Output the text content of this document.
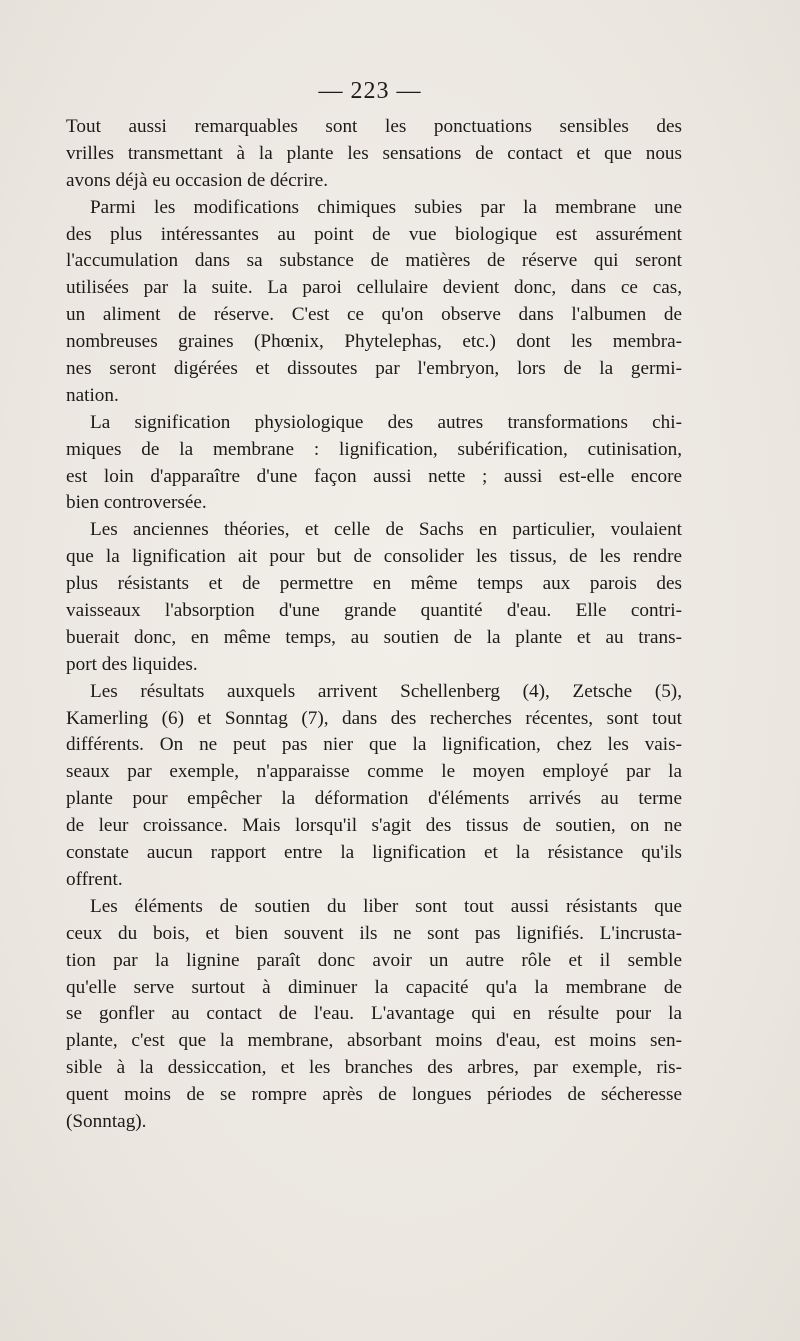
— 223 —
Tout aussi remarquables sont les ponctuations sensibles des
vrilles transmettant à la plante les sensations de contact et que nous
avons déjà eu occasion de décrire.
Parmi les modifications chimiques subies par la membrane une
des plus intéressantes au point de vue biologique est assurément
l'accumulation dans sa substance de matières de réserve qui seront
utilisées par la suite. La paroi cellulaire devient donc, dans ce cas,
un aliment de réserve. C'est ce qu'on observe dans l'albumen de
nombreuses graines (Phœnix, Phytelephas, etc.) dont les membra-
nes seront digérées et dissoutes par l'embryon, lors de la germi-
nation.
La signification physiologique des autres transformations chi-
miques de la membrane : lignification, subérification, cutinisation,
est loin d'apparaître d'une façon aussi nette ; aussi est-elle encore
bien controversée.
Les anciennes théories, et celle de Sachs en particulier, voulaient
que la lignification ait pour but de consolider les tissus, de les rendre
plus résistants et de permettre en même temps aux parois des
vaisseaux l'absorption d'une grande quantité d'eau. Elle contri-
buerait donc, en même temps, au soutien de la plante et au trans-
port des liquides.
Les résultats auxquels arrivent Schellenberg (4), Zetsche (5),
Kamerling (6) et Sonntag (7), dans des recherches récentes, sont tout
différents. On ne peut pas nier que la lignification, chez les vais-
seaux par exemple, n'apparaisse comme le moyen employé par la
plante pour empêcher la déformation d'éléments arrivés au terme
de leur croissance. Mais lorsqu'il s'agit des tissus de soutien, on ne
constate aucun rapport entre la lignification et la résistance qu'ils
offrent.
Les éléments de soutien du liber sont tout aussi résistants que
ceux du bois, et bien souvent ils ne sont pas lignifiés. L'incrusta-
tion par la lignine paraît donc avoir un autre rôle et il semble
qu'elle serve surtout à diminuer la capacité qu'a la membrane de
se gonfler au contact de l'eau. L'avantage qui en résulte pour la
plante, c'est que la membrane, absorbant moins d'eau, est moins sen-
sible à la dessiccation, et les branches des arbres, par exemple, ris-
quent moins de se rompre après de longues périodes de sécheresse
(Sonntag).
